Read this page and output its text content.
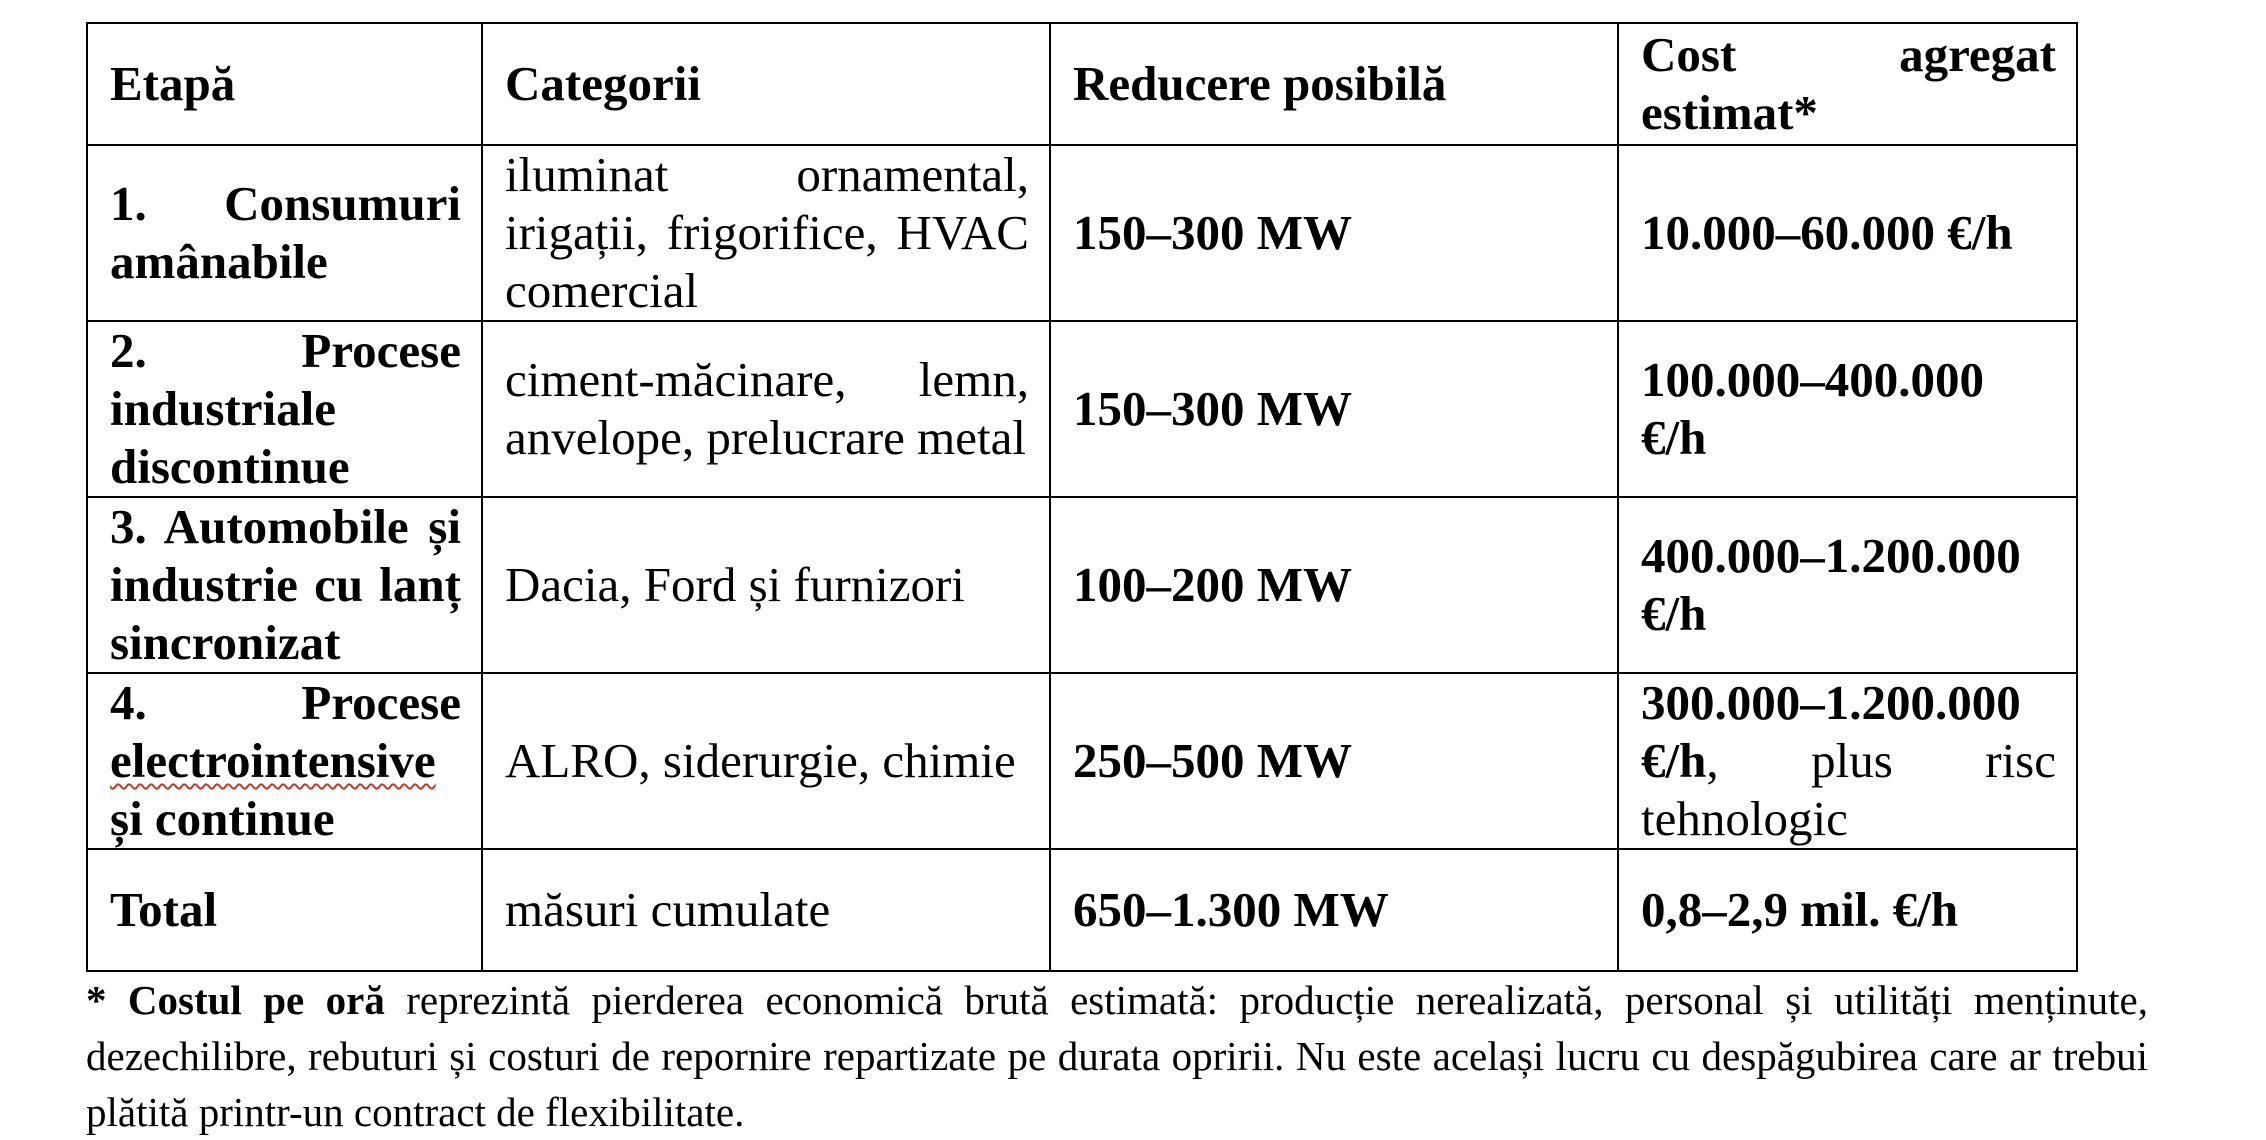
Etapă	Categorii	Reducere posibilă	Cost agregat estimat*
1. Consumuri amânabile	iluminat ornamental, irigații, frigorifice, HVAC comercial	150–300 MW	10.000–60.000 €/h
2. Procese industriale discontinue	ciment-măcinare, lemn, anvelope, prelucrare metal	150–300 MW	100.000–400.000 €/h
3. Automobile și industrie cu lanț sincronizat	Dacia, Ford și furnizori	100–200 MW	400.000–1.200.000 €/h
4. Procese electrointensive și continue	ALRO, siderurgie, chimie	250–500 MW	300.000–1.200.000 €/h, plus risc tehnologic
Total	măsuri cumulate	650–1.300 MW	0,8–2,9 mil. €/h
* Costul pe oră reprezintă pierderea economică brută estimată: producție nerealizată, personal și utilități menținute, dezechilibre, rebuturi și costuri de repornire repartizate pe durata opririi. Nu este același lucru cu despăgubirea care ar trebui plătită printr-un contract de flexibilitate.
